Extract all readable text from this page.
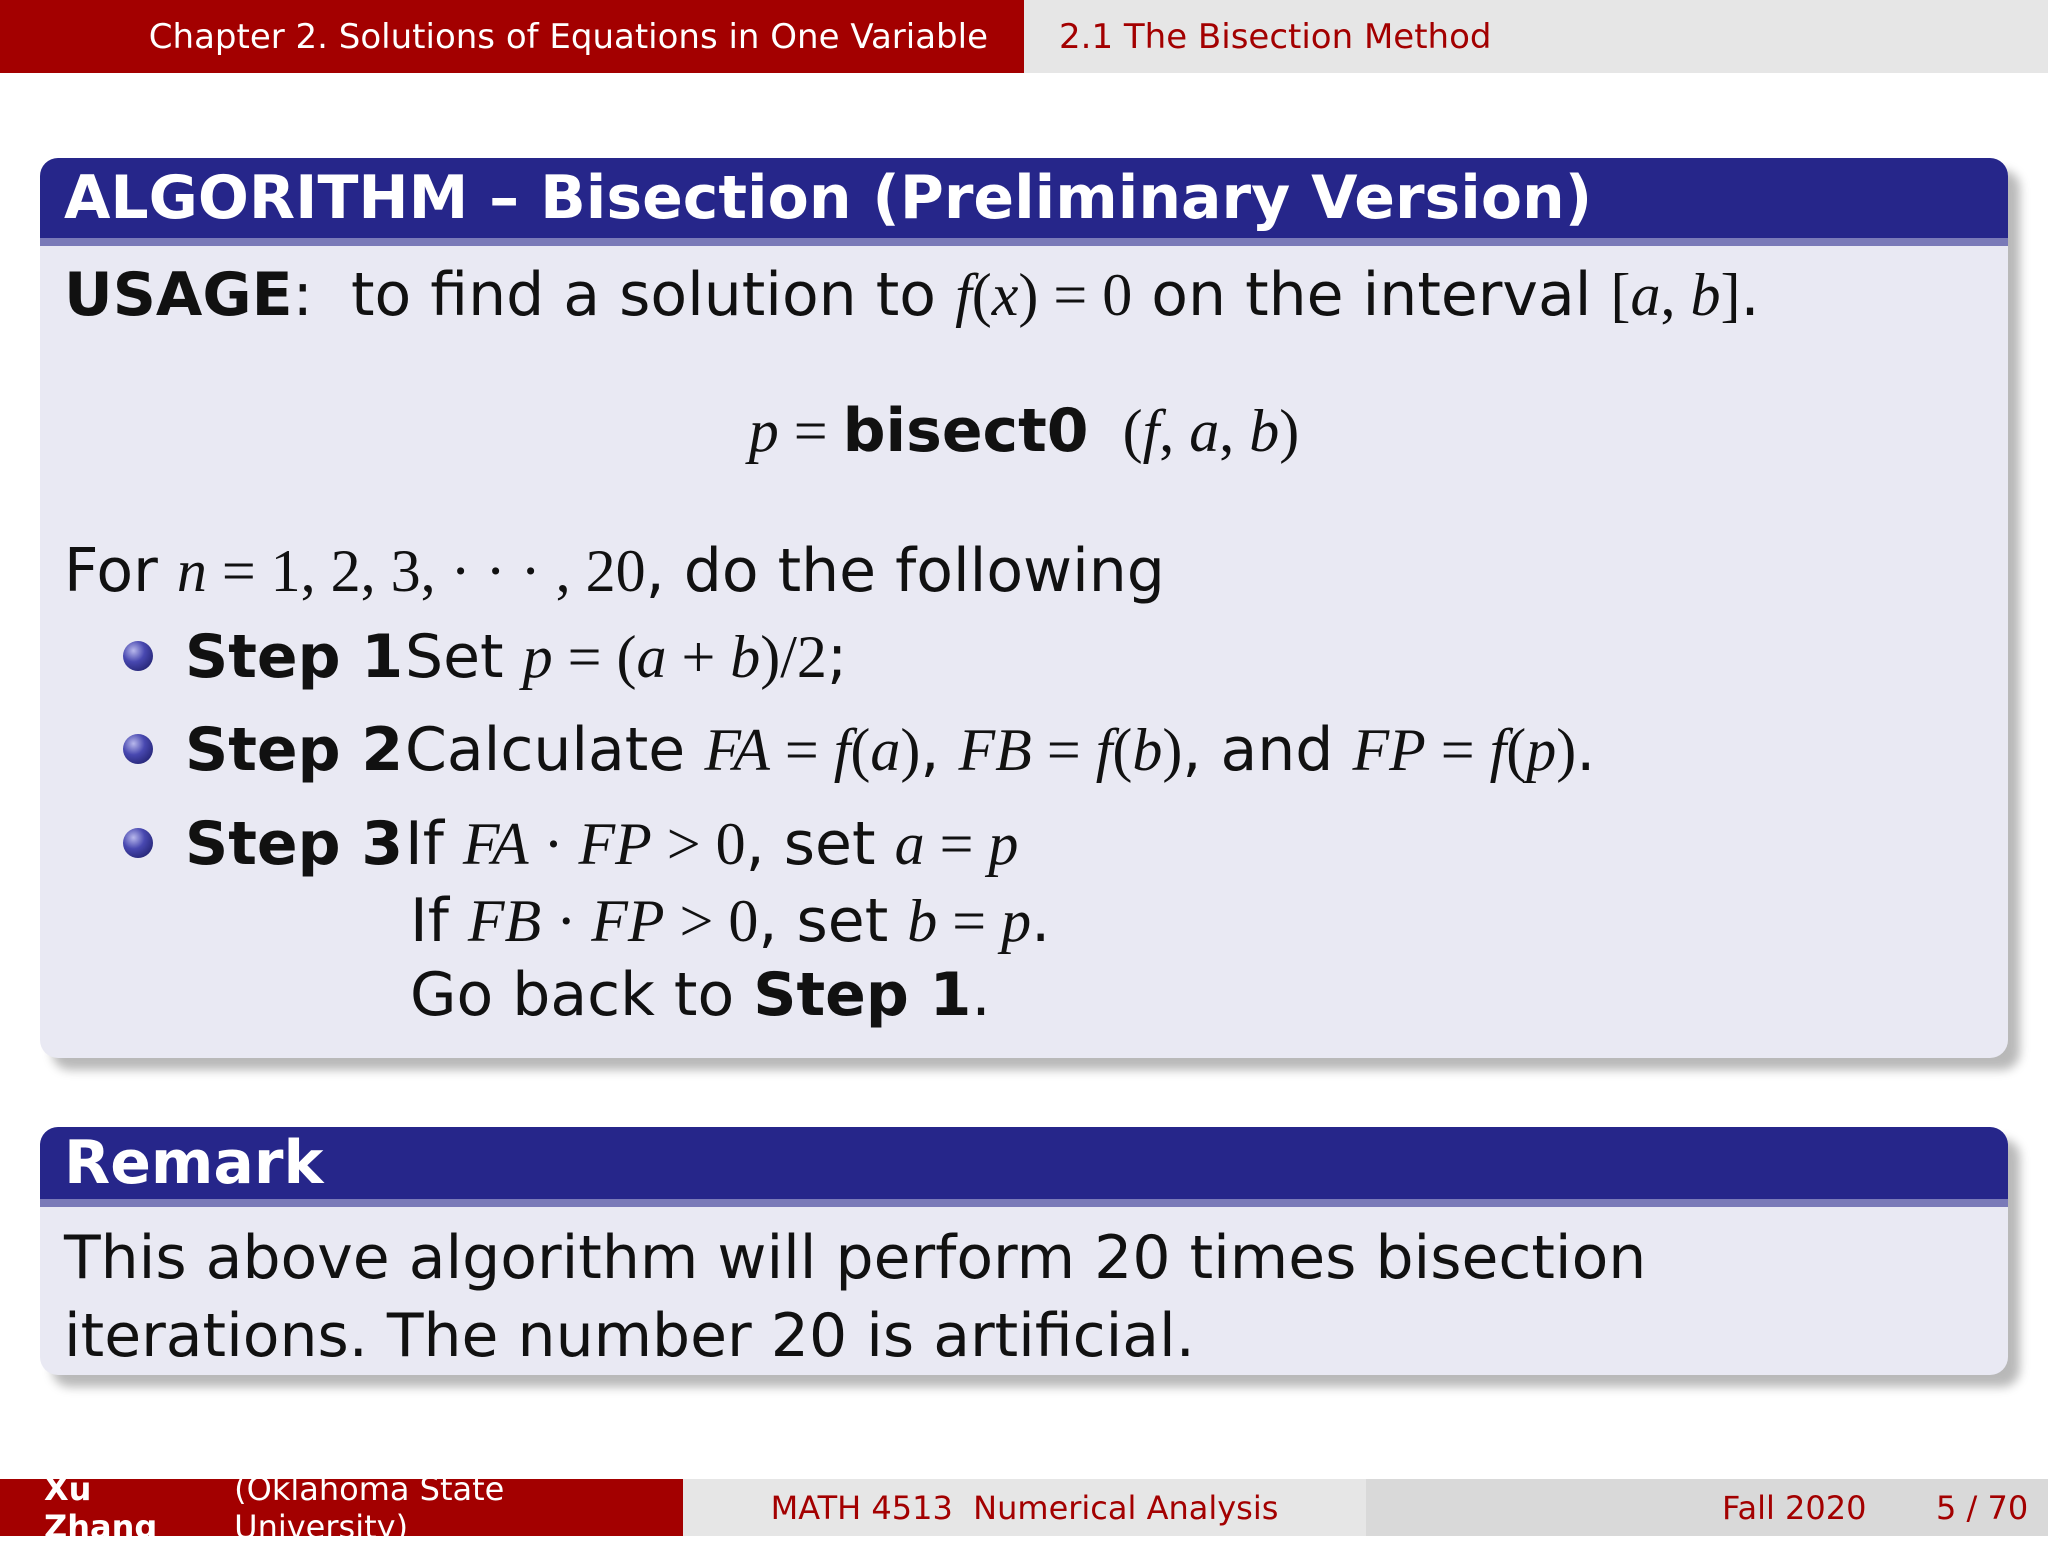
Chapter 2. Solutions of Equations in One Variable 2.1 The Bisection Method
ALGORITHM – Bisection (Preliminary Version)
USAGE:  to find a solution to f(x) = 0 on the interval [a, b].
p = bisect0  (f, a, b)
For n = 1, 2, 3, · · · , 20, do the following
Step 1 Set p = (a + b)/2;
Step 2 Calculate FA = f(a), FB = f(b), and FP = f(p).
Step 3 If FA · FP > 0, set a = p
If FB · FP > 0, set b = p.
Go back to Step 1.
Remark
This above algorithm will perform 20 times bisection iterations. The number 20 is artificial.
Xu Zhang

(Oklahoma State University)	MATH 4513  Numerical Analysis	Fall 2020 5 / 70
